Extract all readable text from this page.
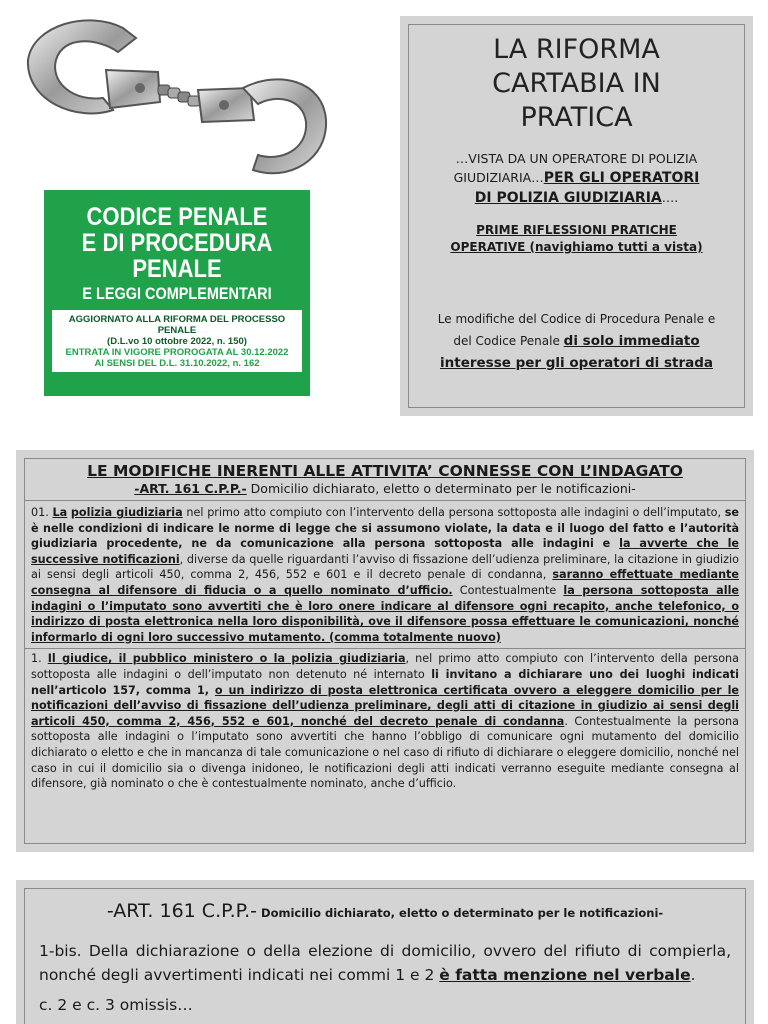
CODICE PENALE
E DI PROCEDURA
PENALE
E LEGGI COMPLEMENTARI
AGGIORNATO ALLA RIFORMA DEL PROCESSO PENALE
(D.L.vo 10 ottobre 2022, n. 150)
ENTRATA IN VIGORE PROROGATA AL 30.12.2022
AI SENSI DEL D.L. 31.10.2022, n. 162
LA RIFORMA
CARTABIA IN
PRATICA
…VISTA DA UN OPERATORE DI POLIZIA
GIUDIZIARIA…PER GLI OPERATORI
DI POLIZIA GIUDIZIARIA….
PRIME RIFLESSIONI PRATICHE
OPERATIVE (navighiamo tutti a vista)
Le modifiche del Codice di Procedura Penale e
del Codice Penale di solo immediato
interesse per gli operatori di strada
LE MODIFICHE INERENTI ALLE ATTIVITA’ CONNESSE CON L’INDAGATO
-ART. 161 C.P.P.- Domicilio dichiarato, eletto o determinato per le notificazioni-

01. La polizia giudiziaria nel primo atto compiuto con l’intervento della persona sottoposta alle indagini o dell’imputato, se è nelle condizioni di indicare le norme di legge che si assumono violate, la data e il luogo del fatto e l’autorità giudiziaria procedente, ne da comunicazione alla persona sottoposta alle indagini e la avverte che le successive notificazioni, diverse da quelle riguardanti l’avviso di fissazione dell’udienza preliminare, la citazione in giudizio ai sensi degli articoli 450, comma 2, 456, 552 e 601 e il decreto penale di condanna, saranno effettuate mediante consegna al difensore di fiducia o a quello nominato d’ufficio. Contestualmente la persona sottoposta alle indagini o l’imputato sono avvertiti che è loro onere indicare al difensore ogni recapito, anche telefonico, o indirizzo di posta elettronica nella loro disponibilità, ove il difensore possa effettuare le comunicazioni, nonché informarlo di ogni loro successivo mutamento. (comma totalmente nuovo)

1. Il giudice, il pubblico ministero o la polizia giudiziaria, nel primo atto compiuto con l’intervento della persona sottoposta alle indagini o dell’imputato non detenuto né internato li invitano a dichiarare uno dei luoghi indicati nell’articolo 157, comma 1, o un indirizzo di posta elettronica certificata ovvero a eleggere domicilio per le notificazioni dell’avviso di fissazione dell’udienza preliminare, degli atti di citazione in giudizio ai sensi degli articoli 450, comma 2, 456, 552 e 601, nonché del decreto penale di condanna. Contestualmente la persona sottoposta alle indagini o l’imputato sono avvertiti che hanno l’obbligo di comunicare ogni mutamento del domicilio dichiarato o eletto e che in mancanza di tale comunicazione o nel caso di rifiuto di dichiarare o eleggere domicilio, nonché nel caso in cui il domicilio sia o divenga inidoneo, le notificazioni degli atti indicati verranno eseguite mediante consegna al difensore, già nominato o che è contestualmente nominato, anche d’ufficio.

-ART. 161 C.P.P.- Domicilio dichiarato, eletto o determinato per le notificazioni-

1-bis. Della dichiarazione o della elezione di domicilio, ovvero del rifiuto di compierla, nonché degli avvertimenti indicati nei commi 1 e 2 è fatta menzione nel verbale.

c. 2 e c. 3 omissis…
